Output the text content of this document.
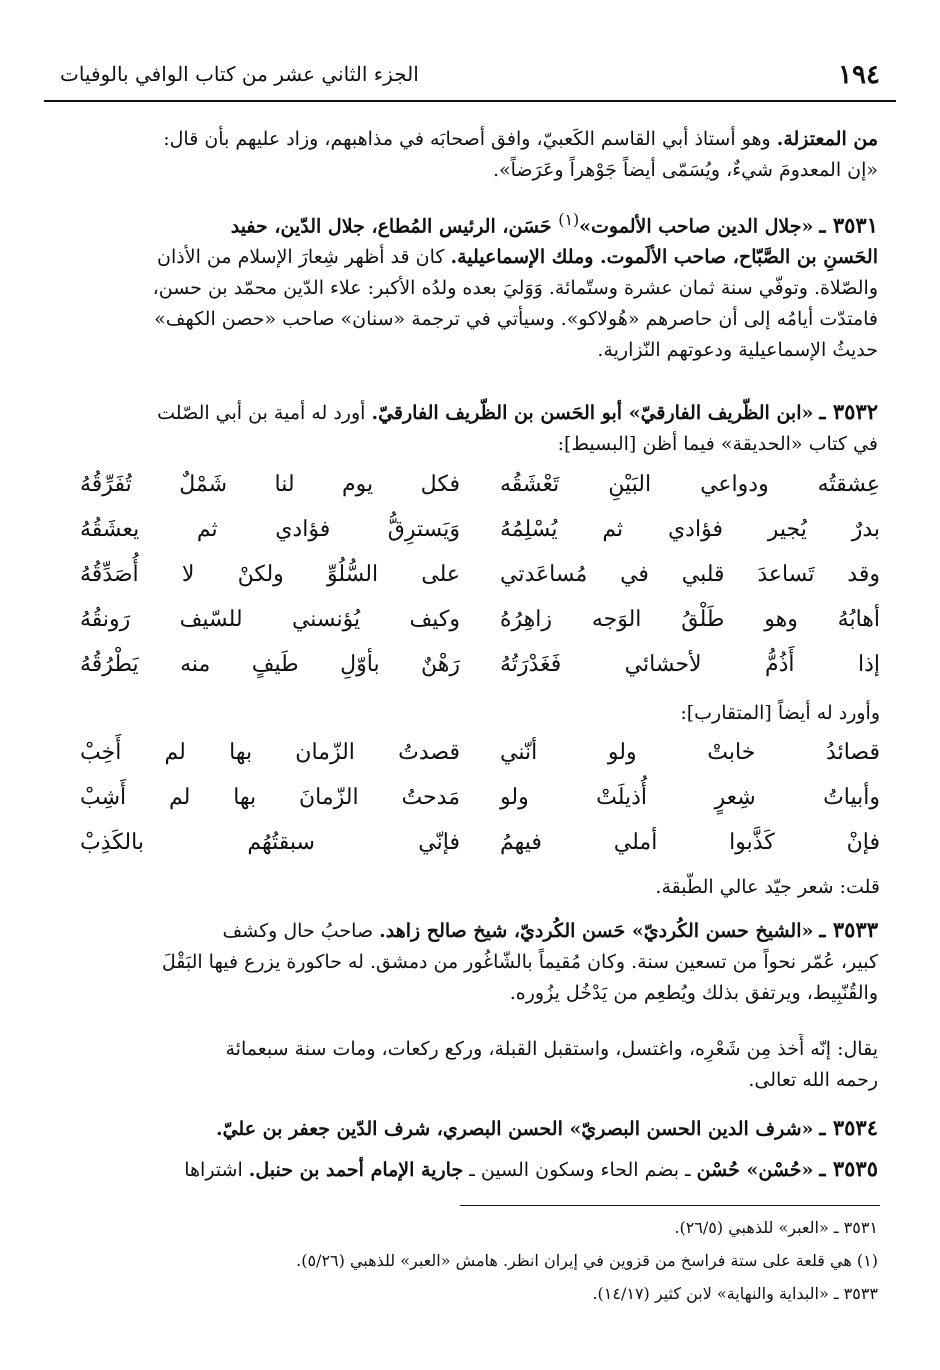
١٩٤
الجزء الثاني عشر من كتاب الوافي بالوفيات
من المعتزلة. وهو أستاذ أبي القاسم الكَعبيّ، وافق أصحابَه في مذاهبهم، وزاد عليهم بأن قال:
«إن المعدومَ شيءٌ، ويُسَمّى أيضاً جَوْهراً وعَرَضاً».
٣٥٣١ ـ «جلال الدين صاحب الألموت»$^{(١)}$ حَسَن، الرئيس المُطاع، جلال الدّين، حفيد
الحَسنِ بن الصَّبّاح، صاحب الألَموت. وملك الإسماعيلية. كان قد أظهر شِعارَ الإسلام من الأذان
والصّلاة. وتوفّي سنة ثمان عشرة وستّمائة. وَوَليَ بعده ولدُه الأكبر: علاء الدّين محمّد بن حسن،
فامتدّت أيامُه إلى أن حاصرهم «هُولاكو». وسيأتي في ترجمة «سنان» صاحب «حصن الكهف»
حديثُ الإسماعيلية ودعوتهم النّزارية.
٣٥٣٢ ـ «ابن الظّريف الفارقيّ» أبو الحَسن بن الظّريف الفارقيّ. أورد له أمية بن أبي الصّلت
في كتاب «الحديقة» فيما أظن [البسيط]:
عِشقتُه ودواعي البَيْنِ تَعْشَقُه
فكل يوم لنا شَمْلٌ تُفَرِّقُهُ
بدرٌ يُجير فؤادي ثم يُسْلِمُهُ
وَيَسترِقُّ فؤادي ثم يعشَقُهُ
وقد تَساعدَ قلبي في مُساعَدتي
على السُّلُوِّ ولكنْ لا أُصَدِّقُهُ
أهابُهُ وهو طَلْقُ الوَجه زاهِرُهُ
وكيف يُؤنسني للسّيف رَونقُهُ
إذا أَذُمُّ لأحشائي فَغَدْرَتُهُ
رَهْنٌ بأوّلِ طَيفٍ منه يَطْرُقُهُ
وأورد له أيضاً [المتقارب]:
قصائدُ خابتْ ولو أنّني
قصدتُ الزّمان بها لم أَخِبْ
وأبياتُ شِعرٍ أُذيلَتْ ولو
مَدحتُ الزّمانَ بها لم أَشِبْ
فإنْ كَذَّبوا أملي فيهمُ
فإنّي سبقتُهُم بالكَذِبْ
قلت: شعر جيّد عالي الطّبقة.
٣٥٣٣ ـ «الشيخ حسن الكُرديّ» حَسن الكُرديّ، شيخ صالح زاهد. صاحبُ حال وكشف
كبير، عُمّر نحواً من تسعين سنة. وكان مُقيماً بالشّاغُور من دمشق. له حاكورة يزرع فيها البَقْلَ
والقُنّبِيط، ويرتفق بذلك ويُطعِم من يَدْخُل يزُوره.
يقال: إنّه أَخذ مِن شَعْرِه، واغتسل، واستقبل القبلة، وركع ركعات، ومات سنة سبعمائة
رحمه الله تعالى.
٣٥٣٤ ـ «شرف الدين الحسن البصريّ» الحسن البصري، شرف الدّين جعفر بن عليّ.
٣٥٣٥ ـ «حُسْن» حُسْن ـ بضم الحاء وسكون السين ـ جارية الإمام أحمد بن حنبل. اشتراها
٣٥٣١ ـ «العبر» للذهبي (٢٦/٥).
(١) هي قلعة على ستة فراسخ من قزوين في إيران انظر. هامش «العبر» للذهبي (٥/٢٦).
٣٥٣٣ ـ «البداية والنهاية» لابن كثير (١٤/١٧).
